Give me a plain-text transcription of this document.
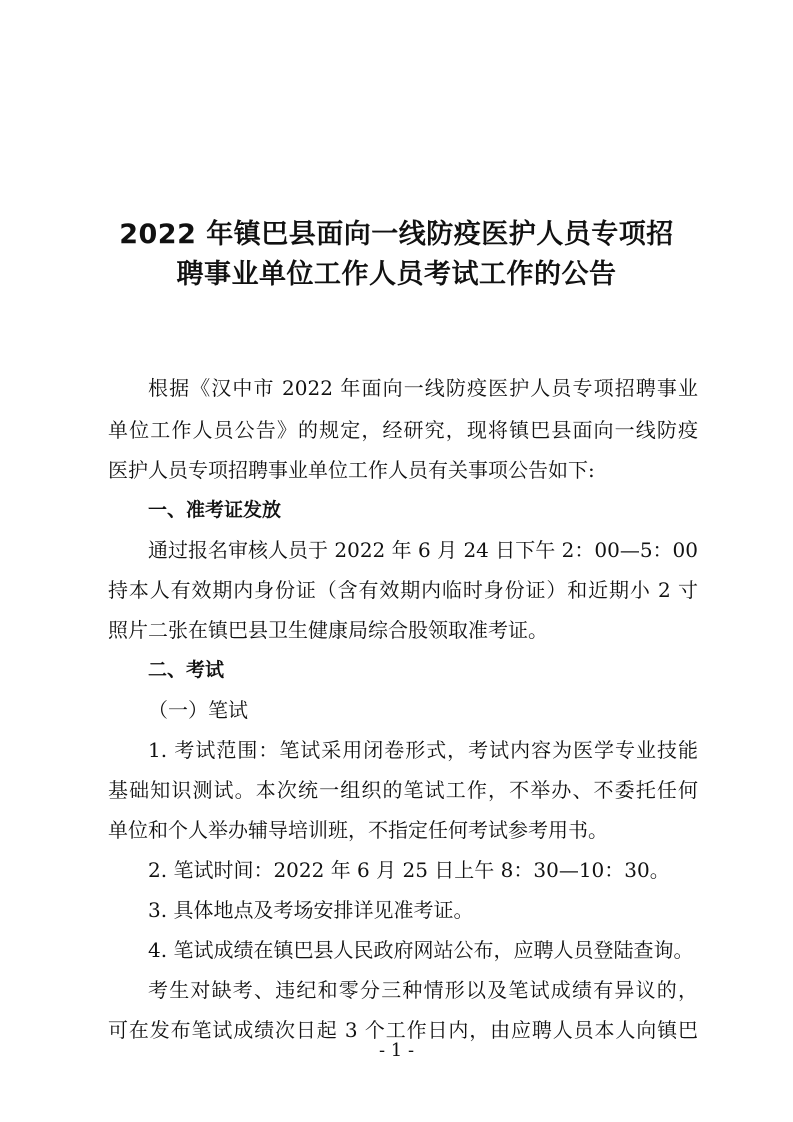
2022 年镇巴县面向一线防疫医护人员专项招

聘事业单位工作人员考试工作的公告

根据《汉中市 2022 年面向一线防疫医护人员专项招聘事业

单位工作人员公告》的规定，经研究，现将镇巴县面向一线防疫

医护人员专项招聘事业单位工作人员有关事项公告如下:

一、准考证发放

通过报名审核人员于 2022 年 6 月 24 日下午 2：00—5：00

持本人有效期内身份证（含有效期内临时身份证）和近期小 2 寸

照片二张在镇巴县卫生健康局综合股领取准考证。

二、考试

（一）笔试

1. 考试范围：笔试采用闭卷形式，考试内容为医学专业技能

基础知识测试。本次统一组织的笔试工作，不举办、不委托任何

单位和个人举办辅导培训班，不指定任何考试参考用书。

2. 笔试时间：2022 年 6 月 25 日上午 8：30—10：30。

3. 具体地点及考场安排详见准考证。

4. 笔试成绩在镇巴县人民政府网站公布，应聘人员登陆查询。

考生对缺考、违纪和零分三种情形以及笔试成绩有异议的，

可在发布笔试成绩次日起 3 个工作日内，由应聘人员本人向镇巴

- 1 -
